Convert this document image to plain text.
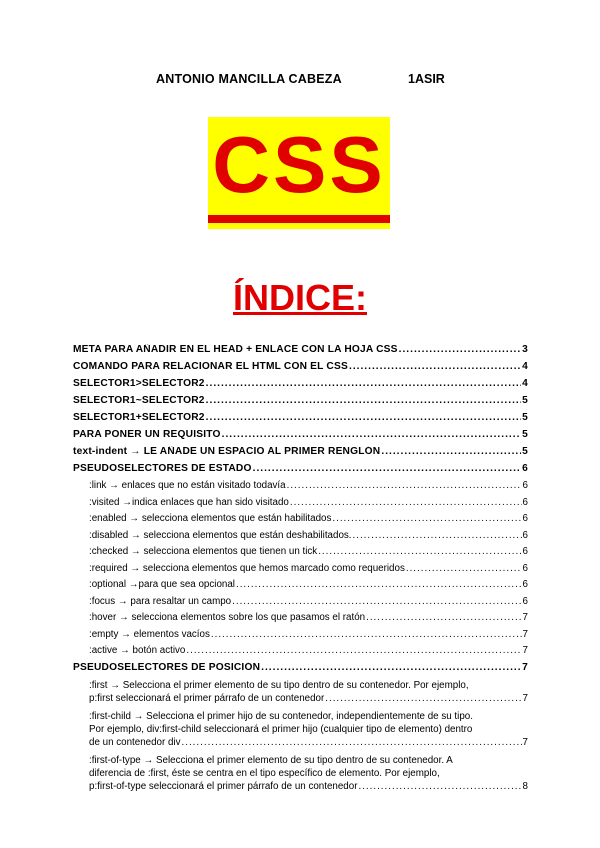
ANTONIO MANCILLA CABEZA	1ASIR
CSS
ÍNDICE:
META PARA AÑADIR EN EL HEAD + ENLACE CON LA HOJA CSS .....	3
COMANDO PARA RELACIONAR EL HTML CON EL CSS .....	4
SELECTOR1>SELECTOR2 .....	4
SELECTOR1~SELECTOR2 .....	5
SELECTOR1+SELECTOR2 .....	5
PARA PONER UN REQUISITO .....	5
text-indent → LE AÑADE UN ESPACIO AL PRIMER RENGLÓN .....	5
PSEUDOSELECTORES DE ESTADO .....	6
:link → enlaces que no están visitado todavía .....	6
:visited →indica enlaces que han sido visitado .....	6
:enabled → selecciona elementos que están habilitados .....	6
:disabled → selecciona elementos que están deshabilitados. .....	6
:checked → selecciona elementos que tienen un tick .....	6
:required → selecciona elementos que hemos marcado como requeridos .....	6
:optional →para que sea opcional .....	6
:focus → para resaltar un campo .....	6
:hover → selecciona elementos sobre los que pasamos el ratón .....	7
:empty → elementos vacíos .....	7
:active → botón activo .....	7
PSEUDOSELECTORES DE POSICIÓN .....	7
:first → Selecciona el primer elemento de su tipo dentro de su contenedor. Por ejemplo,
p:first seleccionará el primer párrafo de un contenedor .....	7
:first-child → Selecciona el primer hijo de su contenedor, independientemente de su tipo.
Por ejemplo, div:first-child seleccionará el primer hijo (cualquier tipo de elemento) dentro
de un contenedor div .....	7
:first-of-type → Selecciona el primer elemento de su tipo dentro de su contenedor. A
diferencia de :first, éste se centra en el tipo específico de elemento. Por ejemplo,
p:first-of-type seleccionará el primer párrafo de un contenedor .....	8
